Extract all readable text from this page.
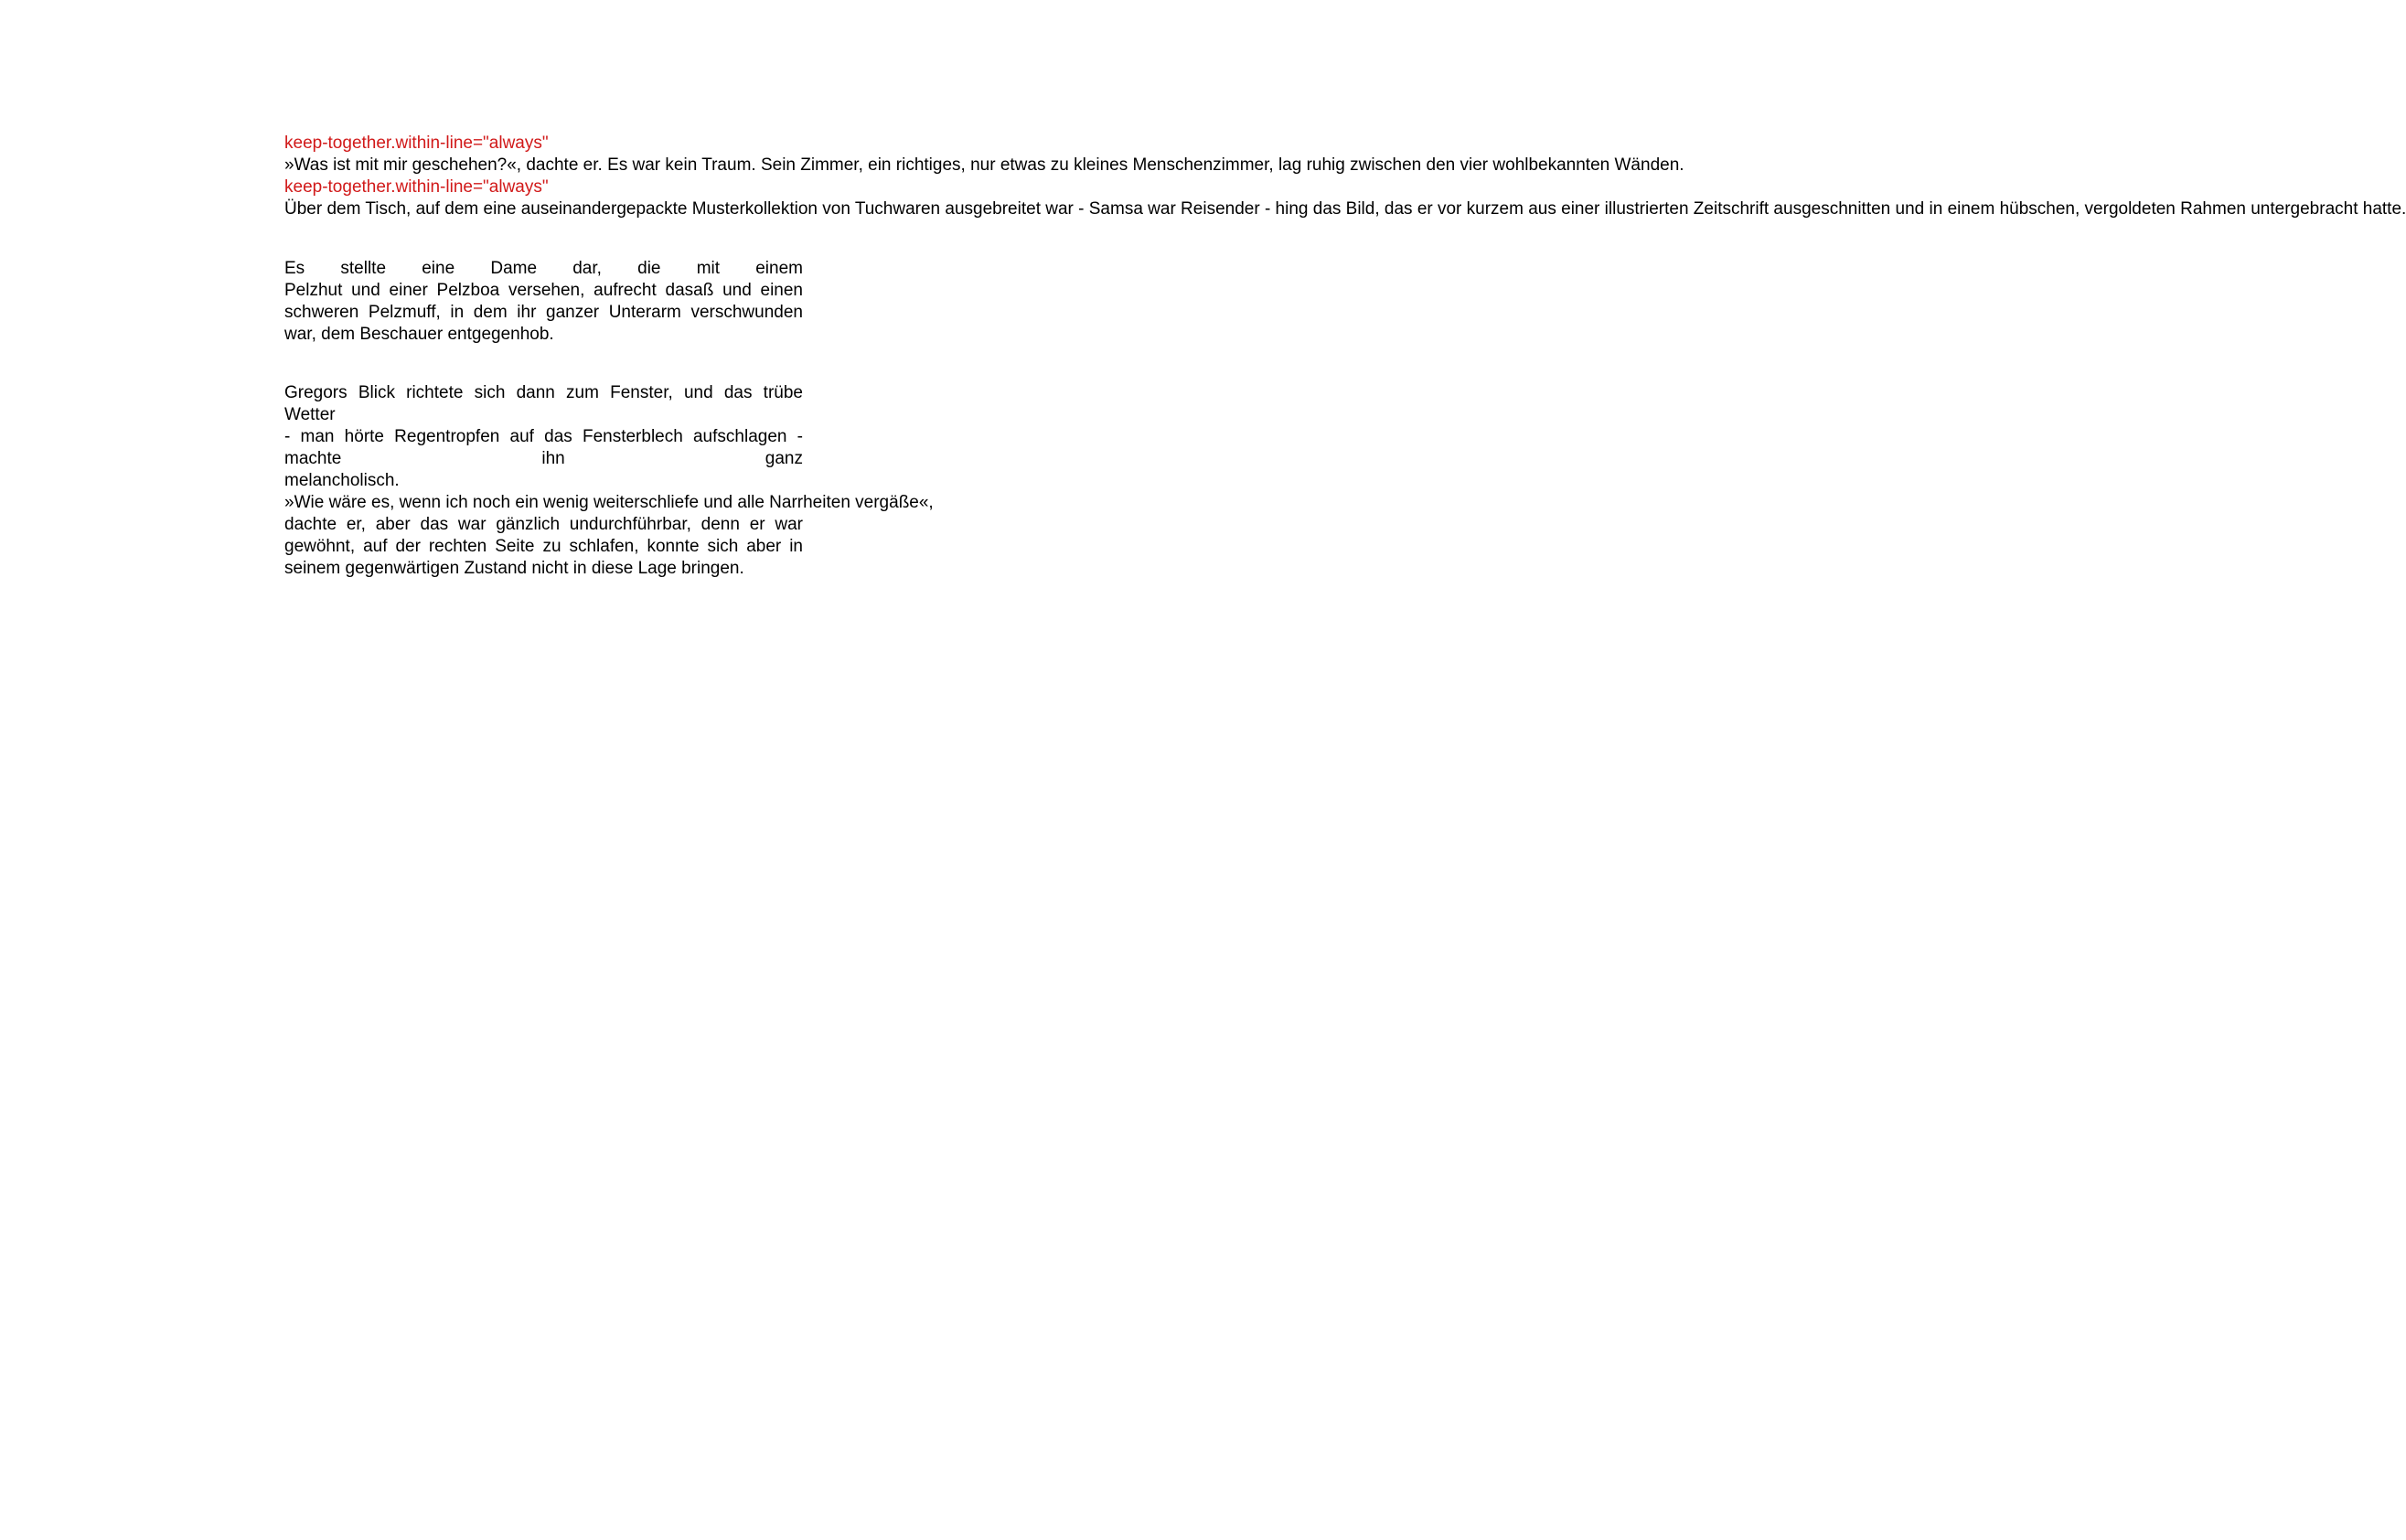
keep-together.within-line="always"
»Was ist mit mir geschehen?«, dachte er. Es war kein Traum. Sein Zimmer, ein richtiges, nur etwas zu kleines Menschenzimmer, lag ruhig zwischen den vier wohlbekannten Wänden.
keep-together.within-line="always"
Über dem Tisch, auf dem eine auseinandergepackte Musterkollektion von Tuchwaren ausgebreitet war - Samsa war Reisender - hing das Bild, das er vor kurzem aus einer illustrierten Zeitschrift ausgeschnitten und in einem hübschen, vergoldeten Rahmen untergebracht hatte.
Es stellte eine Dame dar, die mit einem
Pelzhut und einer Pelzboa versehen, aufrecht dasaß und einen
schweren Pelzmuff, in dem ihr ganzer Unterarm verschwunden
war, dem Beschauer entgegenhob.
Gregors Blick richtete sich dann zum Fenster, und das trübe
Wetter
- man hörte Regentropfen auf das Fensterblech aufschlagen -
machte ihn ganz
melancholisch.
»Wie wäre es, wenn ich noch ein wenig weiterschliefe und alle Narrheiten vergäße«,
dachte er, aber das war gänzlich undurchführbar, denn er war
gewöhnt, auf der rechten Seite zu schlafen, konnte sich aber in
seinem gegenwärtigen Zustand nicht in diese Lage bringen.
